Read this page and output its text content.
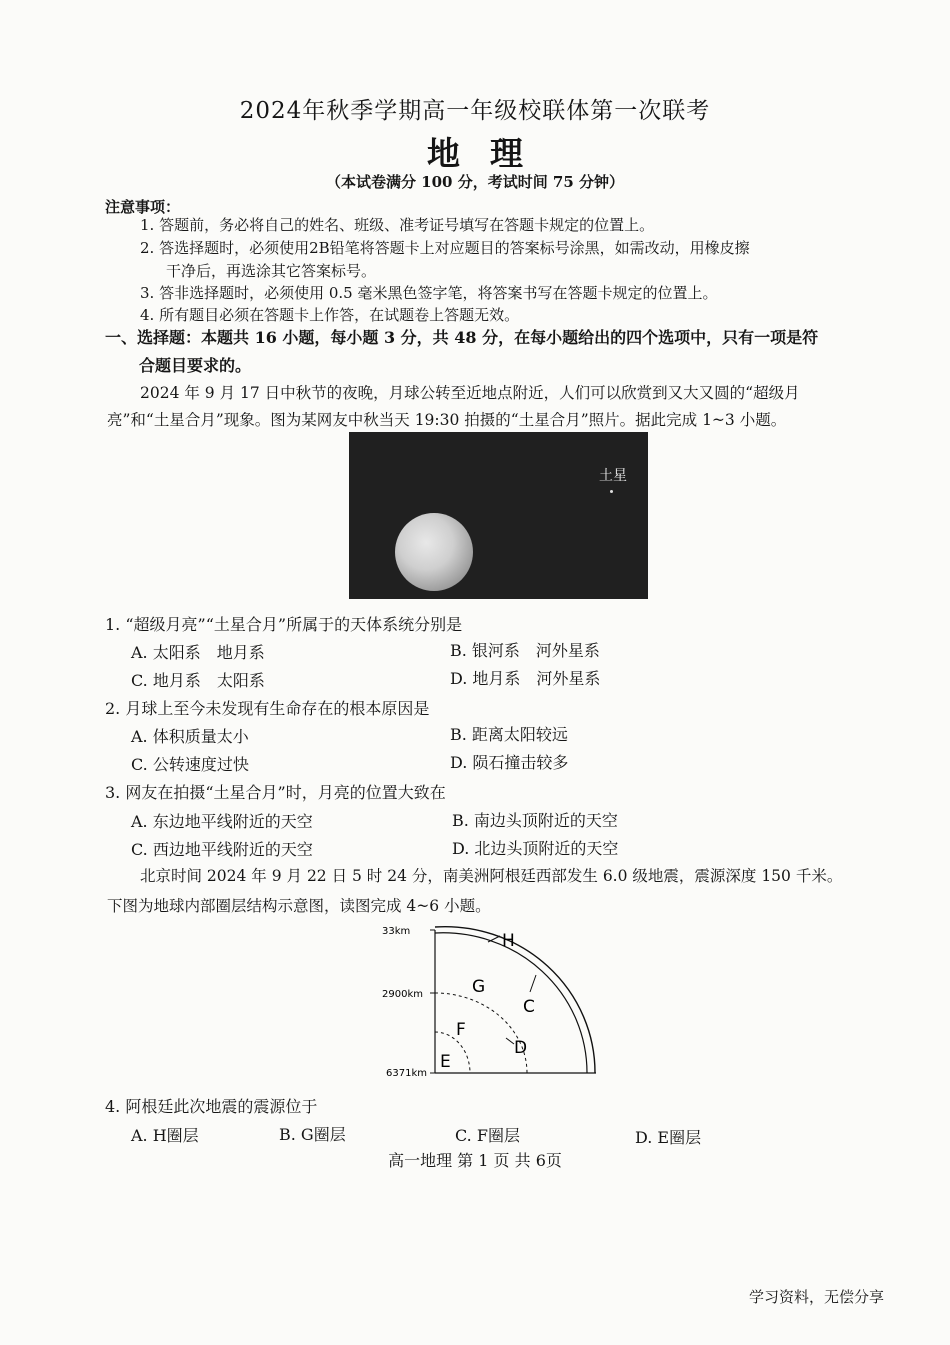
2024年秋季学期高一年级校联体第一次联考
地理
（本试卷满分 100 分，考试时间 75 分钟）
注意事项：
1. 答题前，务必将自己的姓名、班级、准考证号填写在答题卡规定的位置上。
2. 答选择题时，必须使用2B铅笔将答题卡上对应题目的答案标号涂黑，如需改动，用橡皮擦
干净后，再选涂其它答案标号。
3. 答非选择题时，必须使用 0.5 毫米黑色签字笔，将答案书写在答题卡规定的位置上。
4. 所有题目必须在答题卡上作答，在试题卷上答题无效。
一、选择题：本题共 16 小题，每小题 3 分，共 48 分，在每小题给出的四个选项中，只有一项是符
合题目要求的。
2024 年 9 月 17 日中秋节的夜晚，月球公转至近地点附近，人们可以欣赏到又大又圆的“超级月
亮”和“土星合月”现象。图为某网友中秋当天 19:30 拍摄的“土星合月”照片。据此完成 1~3 小题。
土星
1. “超级月亮”“土星合月”所属于的天体系统分别是
A. 太阳系　地月系	B. 银河系　河外星系
C. 地月系　太阳系	D. 地月系　河外星系
2. 月球上至今未发现有生命存在的根本原因是
A. 体积质量太小	B. 距离太阳较远
C. 公转速度过快	D. 陨石撞击较多
3. 网友在拍摄“土星合月”时，月亮的位置大致在
A. 东边地平线附近的天空	B. 南边头顶附近的天空
C. 西边地平线附近的天空	D. 北边头顶附近的天空
北京时间 2024 年 9 月 22 日 5 时 24 分，南美洲阿根廷西部发生 6.0 级地震，震源深度 150 千米。
下图为地球内部圈层结构示意图，读图完成 4~6 小题。
33km
2900km
6371km
H
G
C
F
D
E
4. 阿根廷此次地震的震源位于
A. H圈层	B. G圈层	C. F圈层	D. E圈层
高一地理 第 1 页 共 6页
学习资料，无偿分享
